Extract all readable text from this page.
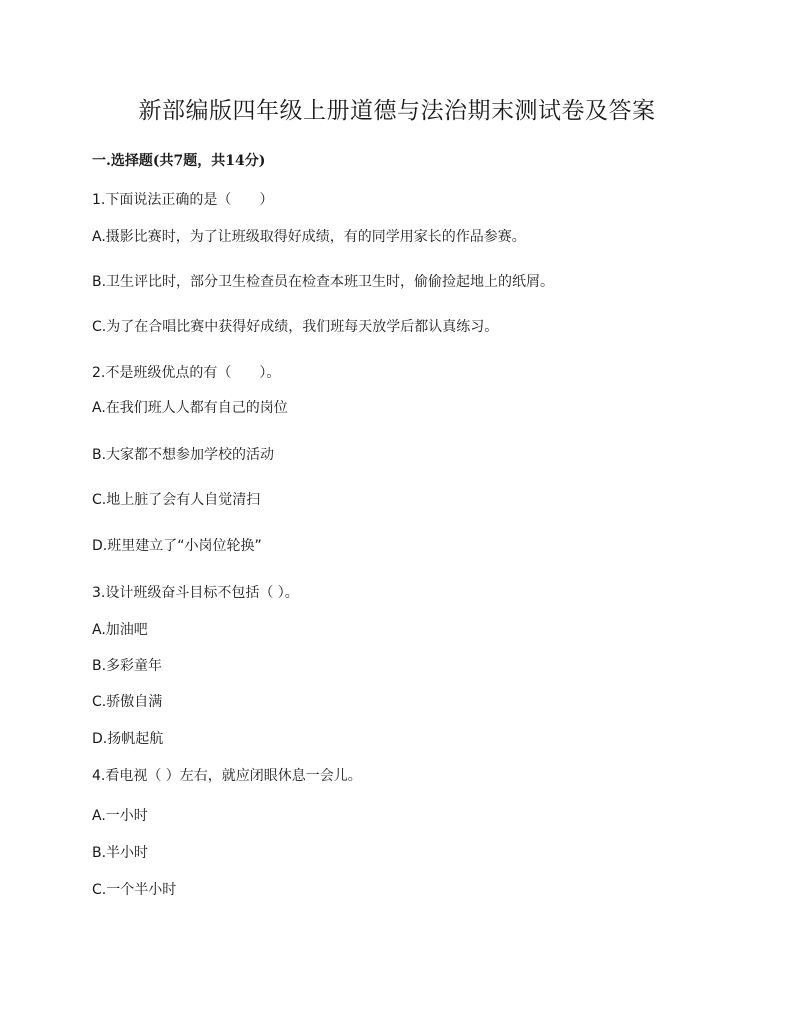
新部编版四年级上册道德与法治期末测试卷及答案

一.选择题(共7题，共14分)

1.下面说法正确的是（　　）

A.摄影比赛时，为了让班级取得好成绩，有的同学用家长的作品参赛。

B.卫生评比时，部分卫生检查员在检查本班卫生时，偷偷捡起地上的纸屑。

C.为了在合唱比赛中获得好成绩，我们班每天放学后都认真练习。

2.不是班级优点的有（　　）。

A.在我们班人人都有自己的岗位

B.大家都不想参加学校的活动

C.地上脏了会有人自觉清扫

D.班里建立了“小岗位轮换”

3.设计班级奋斗目标不包括（ ）。

A.加油吧

B.多彩童年

C.骄傲自满

D.扬帆起航

4.看电视（ ）左右，就应闭眼休息一会儿。

A.一小时

B.半小时

C.一个半小时
